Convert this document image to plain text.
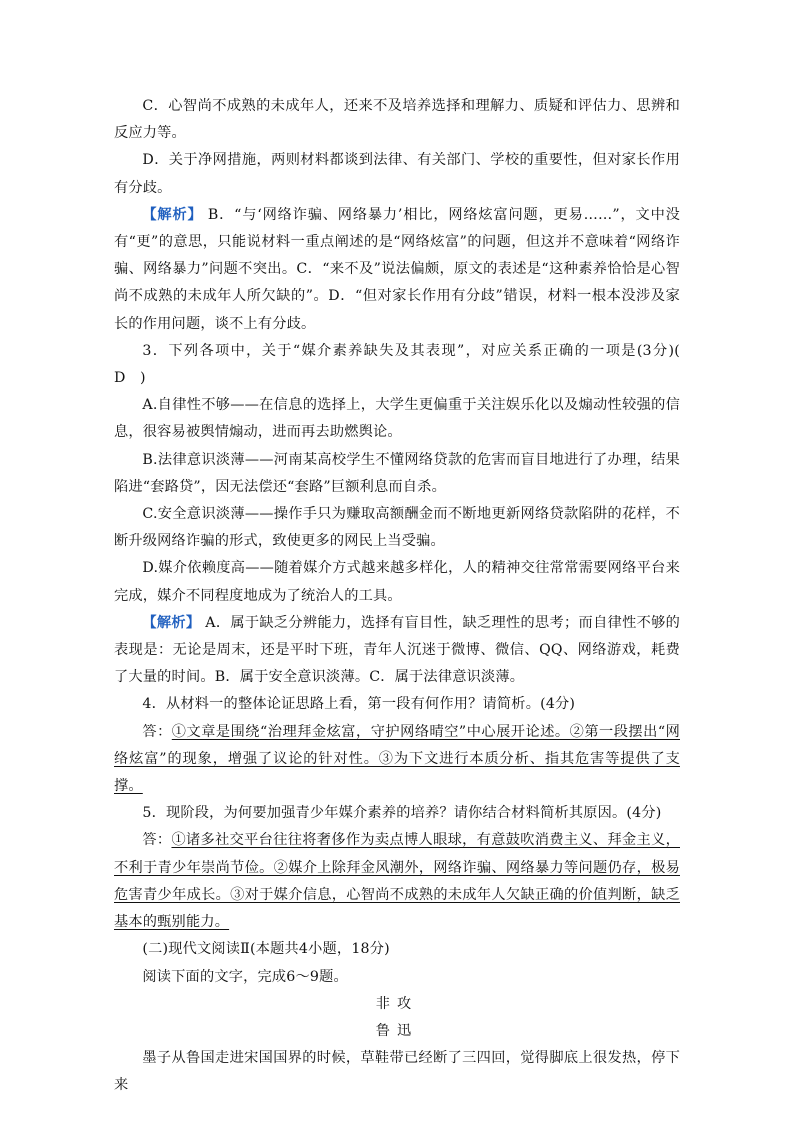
C．心智尚不成熟的未成年人，还来不及培养选择和理解力、质疑和评估力、思辨和反应力等。

D．关于净网措施，两则材料都谈到法律、有关部门、学校的重要性，但对家长作用有分歧。

【解析】 B．“与‘网络诈骗、网络暴力’相比，网络炫富问题，更易……”，文中没有“更”的意思，只能说材料一重点阐述的是“网络炫富”的问题，但这并不意味着“网络诈骗、网络暴力”问题不突出。C．“来不及”说法偏颇，原文的表述是“这种素养恰恰是心智尚不成熟的未成年人所欠缺的”。D．“但对家长作用有分歧”错误，材料一根本没涉及家长的作用问题，谈不上有分歧。

3．下列各项中，关于“媒介素养缺失及其表现”，对应关系正确的一项是(3分)(　D　)

A.自律性不够——在信息的选择上，大学生更偏重于关注娱乐化以及煽动性较强的信息，很容易被舆情煽动，进而再去助燃舆论。

B.法律意识淡薄——河南某高校学生不懂网络贷款的危害而盲目地进行了办理，结果陷进“套路贷”，因无法偿还“套路”巨额利息而自杀。

C.安全意识淡薄——操作手只为赚取高额酬金而不断地更新网络贷款陷阱的花样，不断升级网络诈骗的形式，致使更多的网民上当受骗。

D.媒介依赖度高——随着媒介方式越来越多样化，人的精神交往常常需要网络平台来完成，媒介不同程度地成为了统治人的工具。

【解析】 A．属于缺乏分辨能力，选择有盲目性，缺乏理性的思考；而自律性不够的表现是：无论是周末，还是平时下班，青年人沉迷于微博、微信、QQ、网络游戏，耗费了大量的时间。B．属于安全意识淡薄。C．属于法律意识淡薄。

4．从材料一的整体论证思路上看，第一段有何作用？请简析。(4分)

答：①文章是围绕“治理拜金炫富，守护网络晴空”中心展开论述。②第一段摆出“网络炫富”的现象，增强了议论的针对性。③为下文进行本质分析、指其危害等提供了支撑。

5．现阶段，为何要加强青少年媒介素养的培养？请你结合材料简析其原因。(4分)

答：①诸多社交平台往往将奢侈作为卖点博人眼球，有意鼓吹消费主义、拜金主义，不利于青少年崇尚节俭。②媒介上除拜金风潮外，网络诈骗、网络暴力等问题仍存，极易危害青少年成长。③对于媒介信息，心智尚不成熟的未成年人欠缺正确的价值判断，缺乏基本的甄别能力。

(二)现代文阅读Ⅱ(本题共4小题，18分)

阅读下面的文字，完成6～9题。

非攻

鲁迅

墨子从鲁国走进宋国国界的时候，草鞋带已经断了三四回，觉得脚底上很发热，停下来
